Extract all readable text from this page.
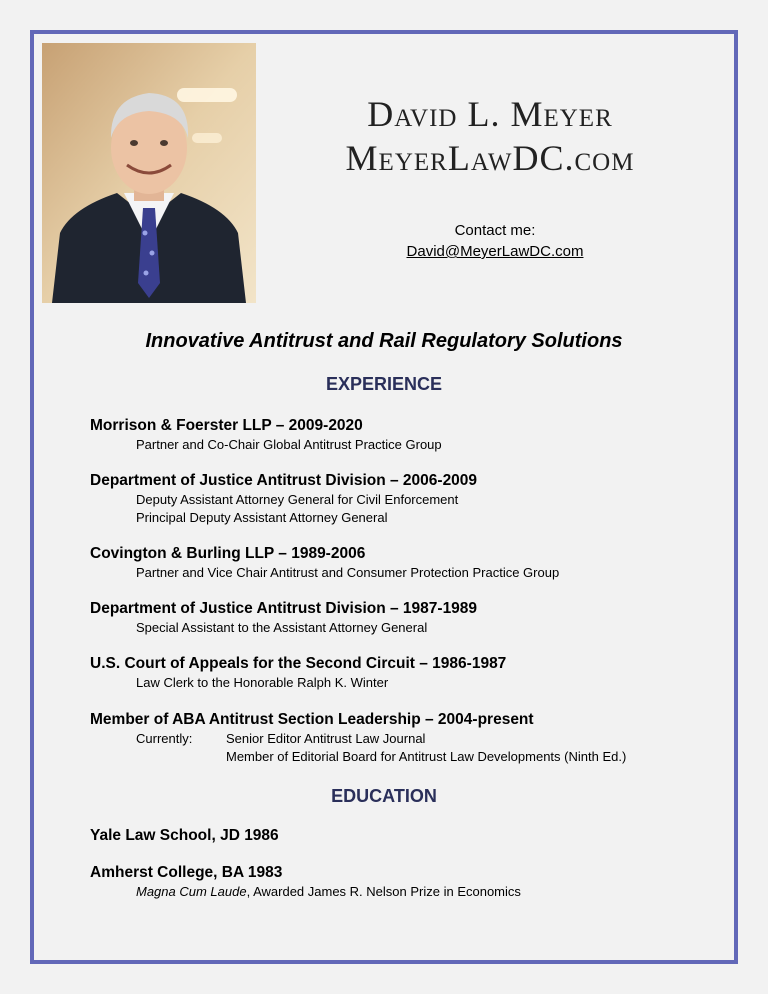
David L. Meyer
MeyerLawDC.com
Contact me:
David@MeyerLawDC.com
Innovative Antitrust and Rail Regulatory Solutions
EXPERIENCE
Morrison & Foerster LLP – 2009-2020
Partner and Co-Chair Global Antitrust Practice Group
Department of Justice Antitrust Division – 2006-2009
Deputy Assistant Attorney General for Civil Enforcement
Principal Deputy Assistant Attorney General
Covington & Burling LLP – 1989-2006
Partner and Vice Chair Antitrust and Consumer Protection Practice Group
Department of Justice Antitrust Division – 1987-1989
Special Assistant to the Assistant Attorney General
U.S. Court of Appeals for the Second Circuit – 1986-1987
Law Clerk to the Honorable Ralph K. Winter
Member of ABA Antitrust Section Leadership – 2004-present
Currently:	Senior Editor Antitrust Law Journal
Member of Editorial Board for Antitrust Law Developments (Ninth Ed.)
EDUCATION
Yale Law School, JD 1986
Amherst College, BA 1983
Magna Cum Laude, Awarded James R. Nelson Prize in Economics
